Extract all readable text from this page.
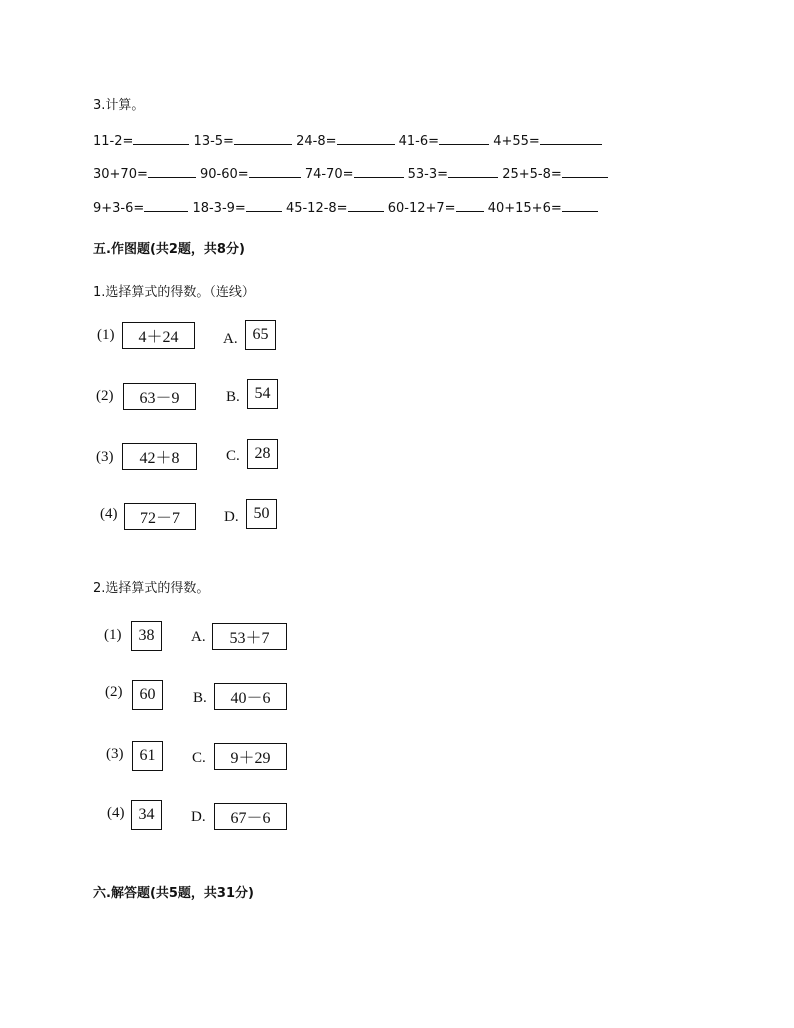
3.计算。
11-2=	13-5=	24-8=	41-6=	4+55=
30+70=	90-60=	74-70=	53-3=	25+5-8=
9+3-6=	18-3-9=	45-12-8=	60-12+7= 40+15+6=
五.作图题(共2题，共8分)
1.选择算式的得数。（连线）
(1)	4＋24	A. 65
(2)	63－9	B. 54
(3)	42＋8	C. 28
(4)	72－7	D. 50
2.选择算式的得数。
(1)	38	A.	53＋7
(2)	60	B.	40－6
(3)	61	C.	9＋29
(4) 34	D.	67－6
六.解答题(共5题，共31分)
